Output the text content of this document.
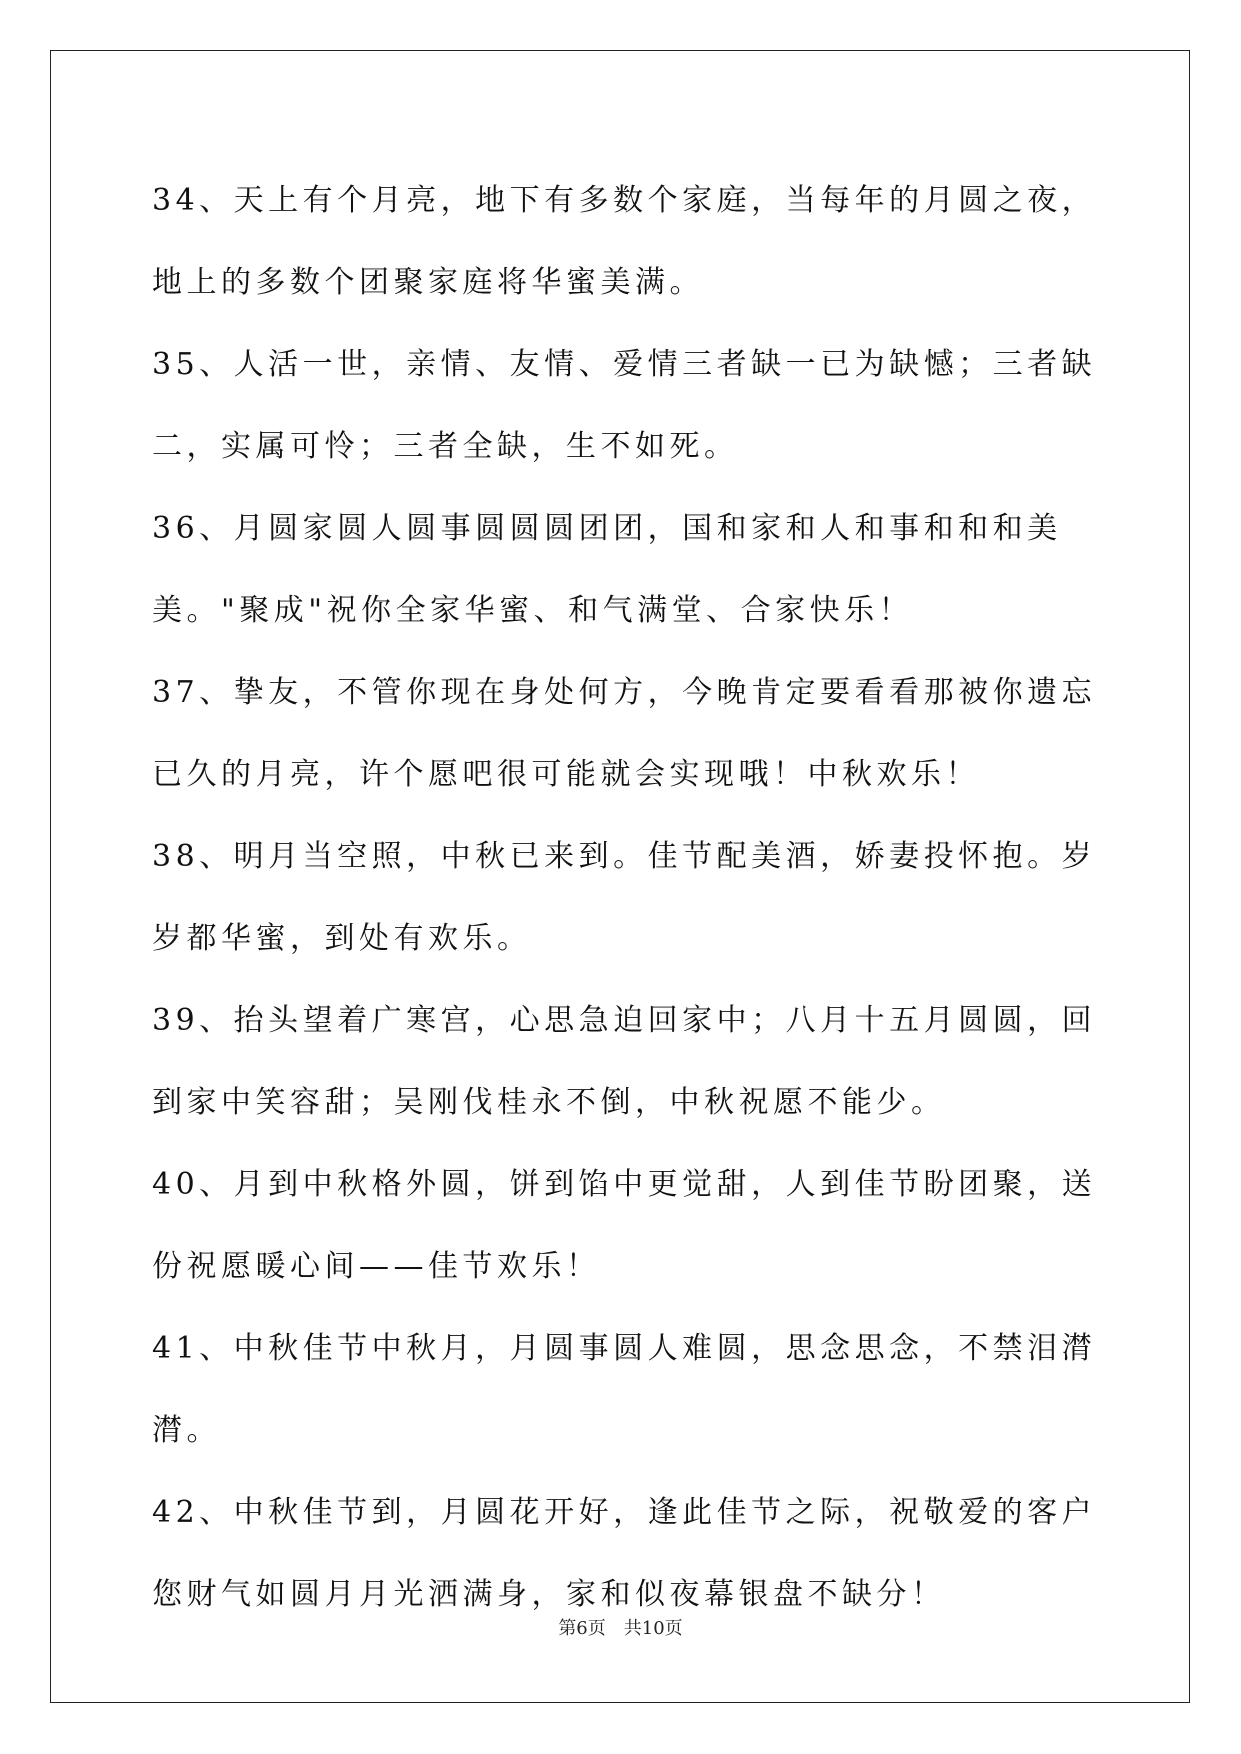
34、天上有个月亮，地下有多数个家庭，当每年的月圆之夜，地上的多数个团聚家庭将华蜜美满。

35、人活一世，亲情、友情、爱情三者缺一已为缺憾；三者缺二，实属可怜；三者全缺，生不如死。

36、月圆家圆人圆事圆圆圆团团，国和家和人和事和和和美美。"聚成"祝你全家华蜜、和气满堂、合家快乐！

37、挚友，不管你现在身处何方，今晚肯定要看看那被你遗忘已久的月亮，许个愿吧很可能就会实现哦！中秋欢乐！

38、明月当空照，中秋已来到。佳节配美酒，娇妻投怀抱。岁岁都华蜜，到处有欢乐。

39、抬头望着广寒宫，心思急迫回家中；八月十五月圆圆，回到家中笑容甜；吴刚伐桂永不倒，中秋祝愿不能少。

40、月到中秋格外圆，饼到馅中更觉甜，人到佳节盼团聚，送份祝愿暖心间——佳节欢乐！

41、中秋佳节中秋月，月圆事圆人难圆，思念思念，不禁泪潸潸。

42、中秋佳节到，月圆花开好，逢此佳节之际，祝敬爱的客户您财气如圆月月光洒满身，家和似夜幕银盘不缺分！

第6页 共10页
